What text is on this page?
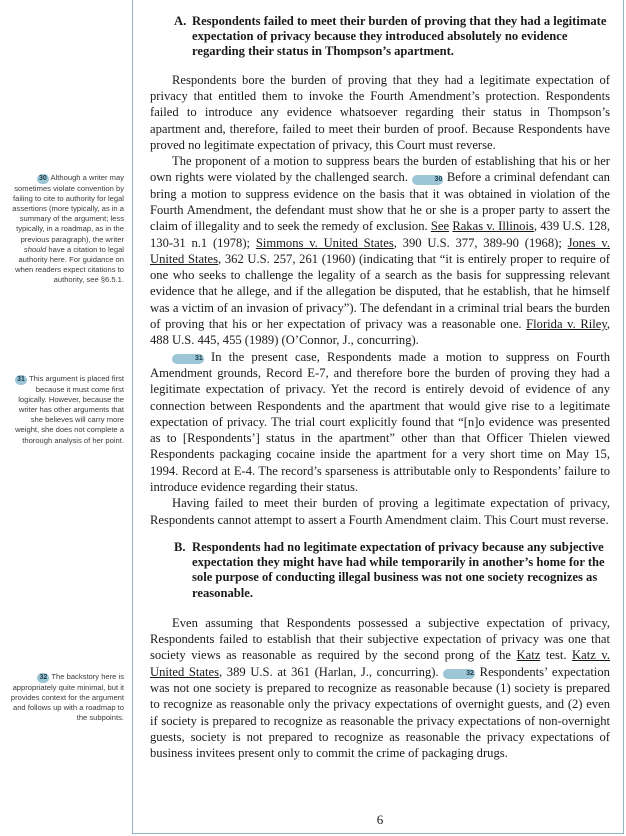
30 Although a writer may sometimes violate convention by failing to cite to authority for legal assertions (more typically, as in a summary of the argument; less typically, in a roadmap, as in the previous paragraph), the writer should have a citation to legal authority here. For guidance on when readers expect citations to authority, see §6.5.1.
31 This argument is placed first because it must come first logically. However, because the writer has other arguments that she believes will carry more weight, she does not complete a thorough analysis of her point.
32 The backstory here is appropriately quite minimal, but it provides context for the argument and follows up with a roadmap to the subpoints.
A. Respondents failed to meet their burden of proving that they had a legitimate expectation of privacy because they introduced absolutely no evidence regarding their status in Thompson’s apartment.

Respondents bore the burden of proving that they had a legitimate expectation of privacy that entitled them to invoke the Fourth Amendment’s protection. Respondents failed to introduce any evidence whatsoever regarding their status in Thompson’s apartment and, therefore, failed to meet their burden of proof. Because Respondents have proved no legitimate expectation of privacy, this Court must reverse.

The proponent of a motion to suppress bears the burden of establishing that his or her own rights were violated by the challenged search.	30 Before a criminal defendant can bring a motion to suppress evidence on the basis that it was obtained in violation of the Fourth Amendment, the defendant must show that he or she is a proper party to assert the claim of illegality and to seek the remedy of exclusion. See Rakas v. Illinois, 439 U.S. 128, 130-31 n.1 (1978); Simmons v. United States, 390 U.S. 377, 389-90 (1968); Jones v. United States, 362 U.S. 257, 261 (1960) (indicating that “it is entirely proper to require of one who seeks to challenge the legality of a search as the basis for suppressing relevant evidence that he allege, and if the allegation be disputed, that he establish, that he himself was a victim of an invasion of privacy”). The defendant in a criminal trial bears the burden of proving that his or her expectation of privacy was a reasonable one. Florida v. Riley, 488 U.S. 445, 455 (1989) (O’Connor, J., concurring).

31 In the present case, Respondents made a motion to suppress on Fourth Amendment grounds, Record E-7, and therefore bore the burden of proving they had a legitimate expectation of privacy. Yet the record is entirely devoid of evidence of any connection between Respondents and the apartment that would give rise to a legitimate expectation of privacy. The trial court explicitly found that “[n]o evidence was presented as to [Respondents’] status in the apartment” other than that Officer Thielen viewed Respondents packaging cocaine inside the apartment for a very short time on May 15, 1994. Record at E-4. The record’s sparseness is attributable only to Respondents’ failure to introduce evidence regarding their status.

Having failed to meet their burden of proving a legitimate expectation of privacy, Respondents cannot attempt to assert a Fourth Amendment claim. This Court must reverse.

B. Respondents had no legitimate expectation of privacy because any subjective expectation they might have had while temporarily in another’s home for the sole purpose of conducting illegal business was not one society recognizes as reasonable.

Even assuming that Respondents possessed a subjective expectation of privacy, Respondents failed to establish that their subjective expectation of privacy was one that society views as reasonable as required by the second prong of the Katz test. Katz v. United States, 389 U.S. at 361 (Harlan, J., concurring).	32 Respondents’ expectation was not one society is prepared to recognize as reasonable because (1) society is prepared to recognize as reasonable only the privacy expectations of overnight guests, and (2) even if society is prepared to recognize as reasonable the privacy expectations of non-overnight guests, society is not prepared to recognize as reasonable the privacy expectations of business invitees present only to commit the crime of packaging drugs.

6
